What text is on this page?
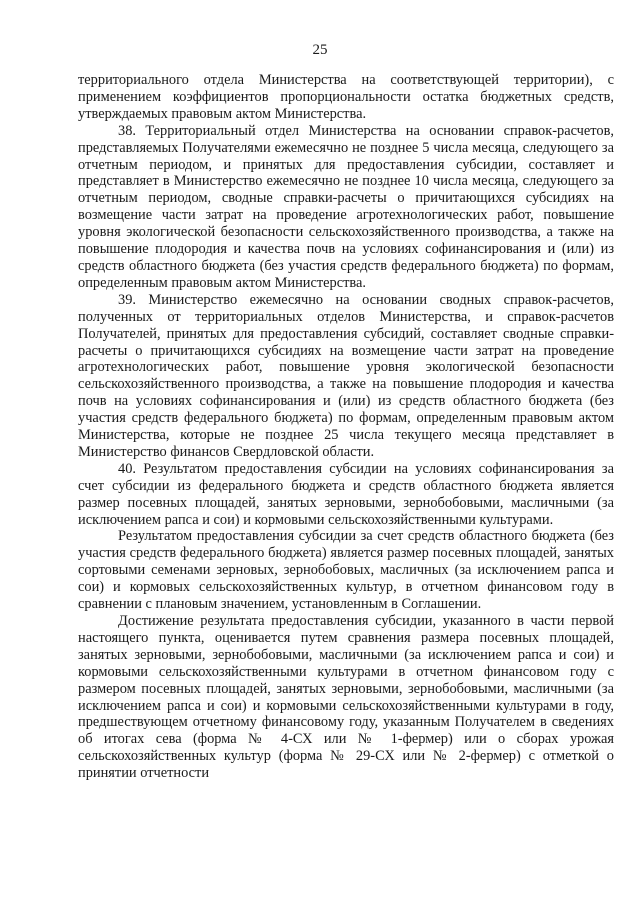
25

территориального отдела Министерства на соответствующей территории), с применением коэффициентов пропорциональности остатка бюджетных средств, утверждаемых правовым актом Министерства.

38. Территориальный отдел Министерства на основании справок-расчетов, представляемых Получателями ежемесячно не позднее 5 числа месяца, следующего за отчетным периодом, и принятых для предоставления субсидии, составляет и представляет в Министерство ежемесячно не позднее 10 числа месяца, следующего за отчетным периодом, сводные справки-расчеты о причитающихся субсидиях на возмещение части затрат на проведение агротехнологических работ, повышение уровня экологической безопасности сельскохозяйственного производства, а также на повышение плодородия и качества почв на условиях софинансирования и (или) из средств областного бюджета (без участия средств федерального бюджета) по формам, определенным правовым актом Министерства.

39. Министерство ежемесячно на основании сводных справок-расчетов, полученных от территориальных отделов Министерства, и справок-расчетов Получателей, принятых для предоставления субсидий, составляет сводные справки-расчеты о причитающихся субсидиях на возмещение части затрат на проведение агротехнологических работ, повышение уровня экологической безопасности сельскохозяйственного производства, а также на повышение плодородия и качества почв на условиях софинансирования и (или) из средств областного бюджета (без участия средств федерального бюджета) по формам, определенным правовым актом Министерства, которые не позднее 25 числа текущего месяца представляет в Министерство финансов Свердловской области.

40. Результатом предоставления субсидии на условиях софинансирования за счет субсидии из федерального бюджета и средств областного бюджета является размер посевных площадей, занятых зерновыми, зернобобовыми, масличными (за исключением рапса и сои) и кормовыми сельскохозяйственными культурами.

Результатом предоставления субсидии за счет средств областного бюджета (без участия средств федерального бюджета) является размер посевных площадей, занятых сортовыми семенами зерновых, зернобобовых, масличных (за исключением рапса и сои) и кормовых сельскохозяйственных культур, в отчетном финансовом году в сравнении с плановым значением, установленным в Соглашении.

Достижение результата предоставления субсидии, указанного в части первой настоящего пункта, оценивается путем сравнения размера посевных площадей, занятых зерновыми, зернобобовыми, масличными (за исключением рапса и сои) и кормовыми сельскохозяйственными культурами в отчетном финансовом году с размером посевных площадей, занятых зерновыми, зернобобовыми, масличными (за исключением рапса и сои) и кормовыми сельскохозяйственными культурами в году, предшествующем отчетному финансовому году, указанным Получателем в сведениях об итогах сева (форма № 4-СХ или № 1-фермер) или о сборах урожая сельскохозяйственных культур (форма № 29-СХ или № 2-фермер) с отметкой о принятии отчетности
